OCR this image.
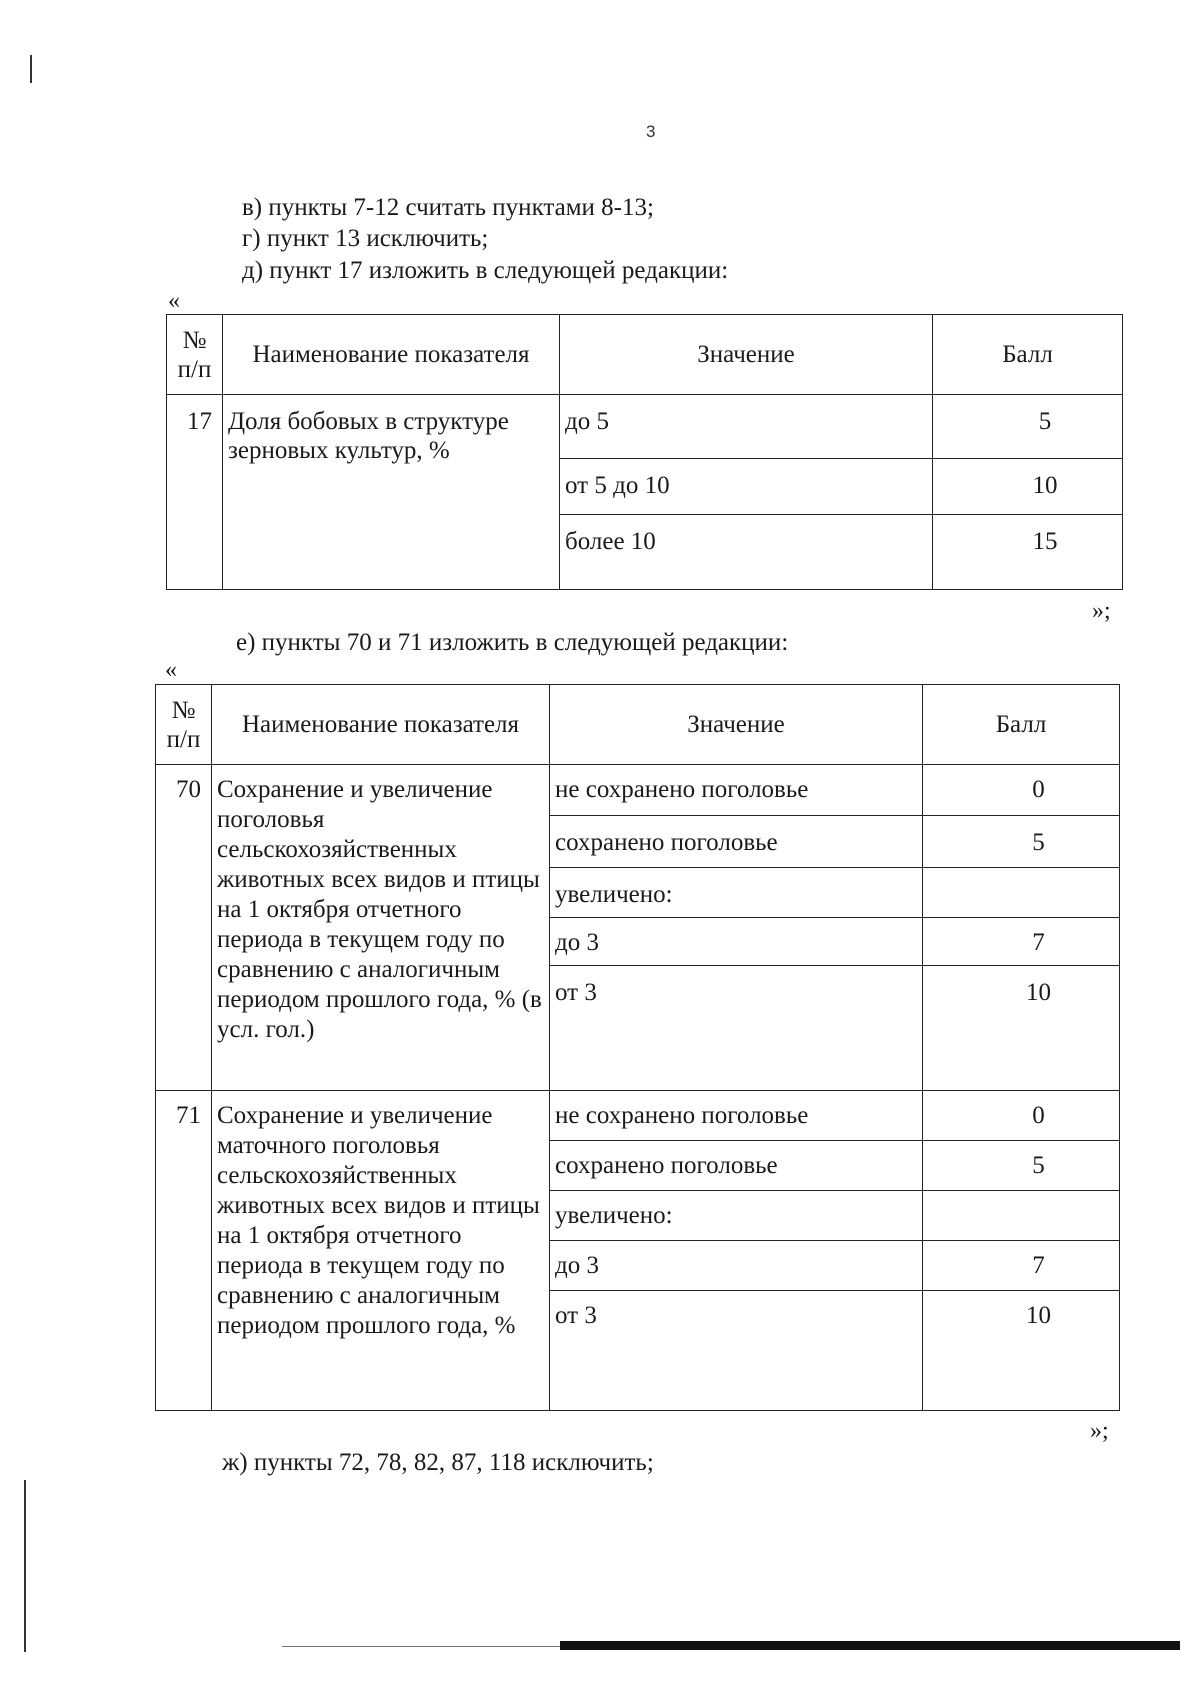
3
в) пункты 7-12 считать пунктами 8-13;
г) пункт 13 исключить;
д) пункт 17 изложить в следующей редакции:
«
№
п/п	Наименование показателя	Значение	Балл
17	Доля бобовых в структуре зерновых культур, %	до 5	5
		от 5 до 10	10
		более 10	15
»;
е) пункты 70 и 71 изложить в следующей редакции:
«
№
п/п	Наименование показателя	Значение	Балл
70	Сохранение и увеличение поголовья сельскохозяйственных животных всех видов и птицы на 1 октября отчетного периода в текущем году по сравнению с аналогичным периодом прошлого года, % (в усл. гол.)	не сохранено поголовье	0
		сохранено поголовье	5
		увеличено:	
		до 3	7
		от 3	10
71	Сохранение и увеличение маточного поголовья сельскохозяйственных животных всех видов и птицы на 1 октября отчетного периода в текущем году по сравнению с аналогичным периодом прошлого года, %	не сохранено поголовье	0
		сохранено поголовье	5
		увеличено:	
		до 3	7
		от 3	10
»;
ж) пункты 72, 78, 82, 87, 118 исключить;
